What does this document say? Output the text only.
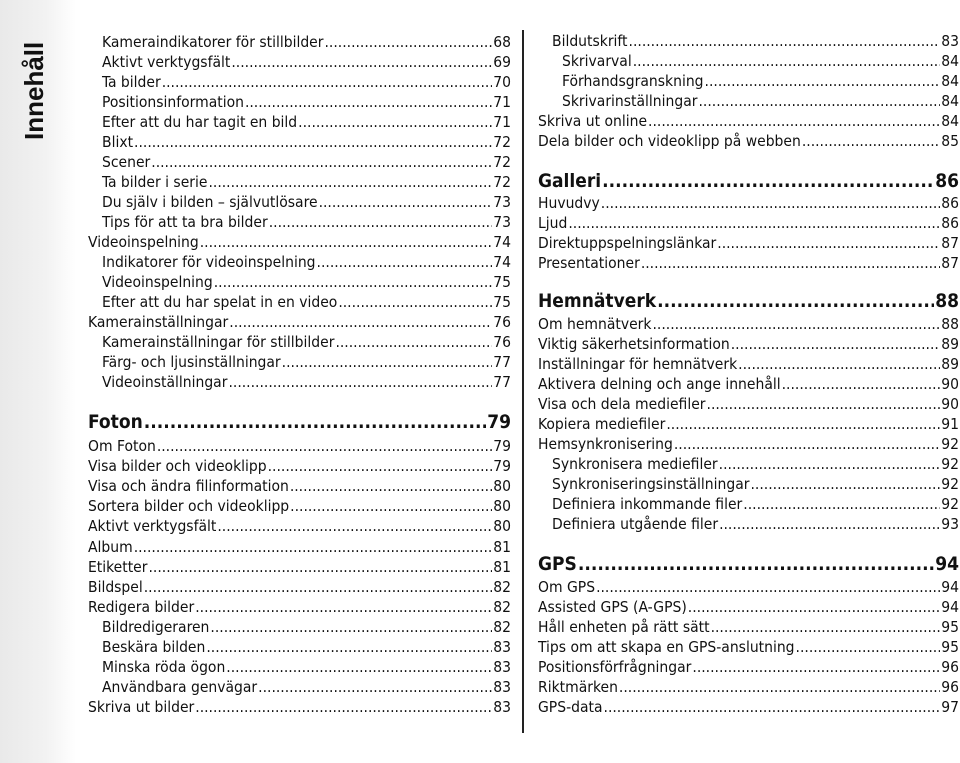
Innehåll	Kameraindikatorer för stillbilder .....	68
Aktivt verktygsfält .....	69
Ta bilder .....	70
Positionsinformation .....	71
Efter att du har tagit en bild .....	71
Blixt .....	72
Scener .....	72
Ta bilder i serie .....	72
Du själv i bilden – självutlösare .....	73
Tips för att ta bra bilder .....	73
Videoinspelning .....	74
Indikatorer för videoinspelning .....	74
Videoinspelning .....	75
Efter att du har spelat in en video .....	75
Kamerainställningar .....	76
Kamerainställningar för stillbilder .....	76
Färg- och ljusinställningar .....	77
Videoinställningar .....	77
Foton .....	79
Om Foton .....	79
Visa bilder och videoklipp .....	79
Visa och ändra filinformation .....	80
Sortera bilder och videoklipp .....	80
Aktivt verktygsfält .....	80
Album .....	81
Etiketter .....	81
Bildspel .....	82
Redigera bilder .....	82
Bildredigeraren .....	82
Beskära bilden .....	83
Minska röda ögon .....	83
Användbara genvägar .....	83
Skriva ut bilder .....	83
Bildutskrift .....	83
Skrivarval .....	84
Förhandsgranskning .....	84
Skrivarinställningar .....	84
Skriva ut online .....	84
Dela bilder och videoklipp på webben .....	85
Galleri .....	86
Huvudvy .....	86
Ljud .....	86
Direktuppspelningslänkar .....	87
Presentationer .....	87
Hemnätverk .....	88
Om hemnätverk .....	88
Viktig säkerhetsinformation .....	89
Inställningar för hemnätverk .....	89
Aktivera delning och ange innehåll .....	90
Visa och dela mediefiler .....	90
Kopiera mediefiler .....	91
Hemsynkronisering .....	92
Synkronisera mediefiler .....	92
Synkroniseringsinställningar .....	92
Definiera inkommande filer .....	92
Definiera utgående filer .....	93
GPS .....	94
Om GPS .....	94
Assisted GPS (A-GPS) .....	94
Håll enheten på rätt sätt .....	95
Tips om att skapa en GPS-anslutning .....	95
Positionsförfrågningar .....	96
Riktmärken .....	96
GPS-data .....	97
